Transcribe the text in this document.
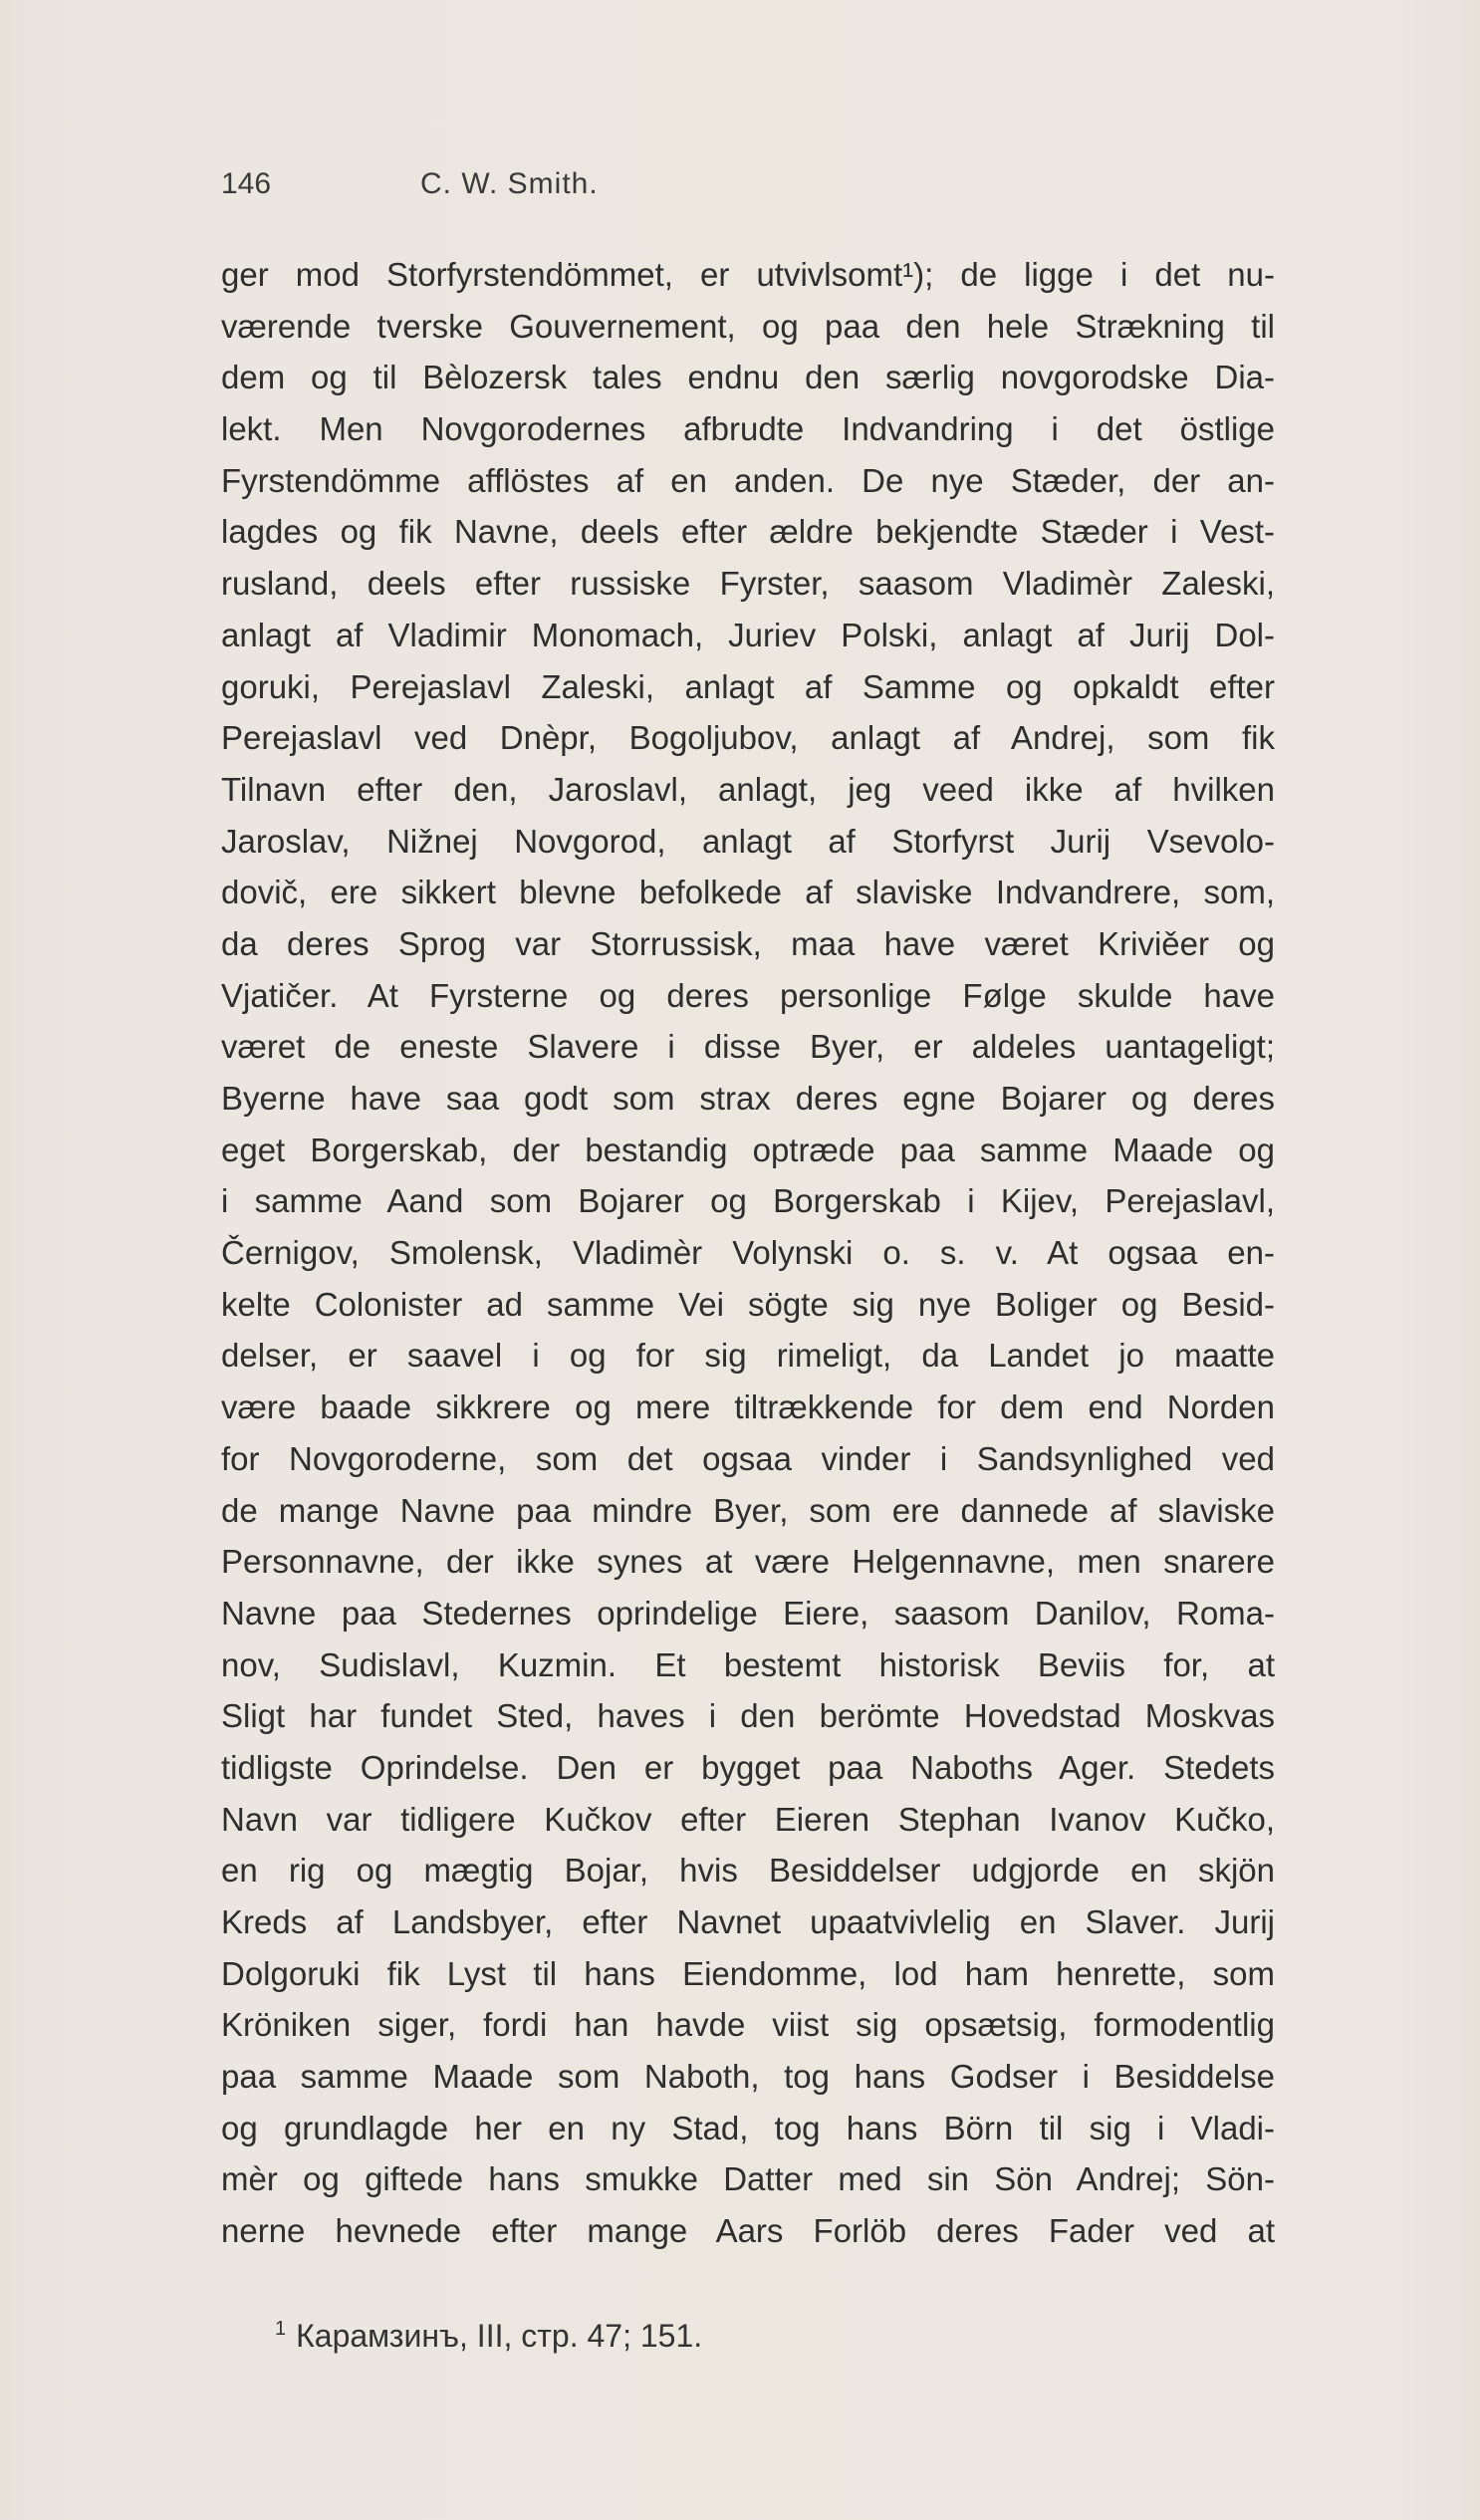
146	C. W. Smith.
ger mod Storfyrstendömmet, er utvivlsomt¹); de ligge i det nu-
værende tverske Gouvernement, og paa den hele Strækning til
dem og til Bèlozersk tales endnu den særlig novgorodske Dia-
lekt. Men Novgorodernes afbrudte Indvandring i det östlige
Fyrstendömme afflöstes af en anden. De nye Stæder, der an-
lagdes og fik Navne, deels efter ældre bekjendte Stæder i Vest-
rusland, deels efter russiske Fyrster, saasom Vladimèr Zaleski,
anlagt af Vladimir Monomach, Juriev Polski, anlagt af Jurij Dol-
goruki, Perejaslavl Zaleski, anlagt af Samme og opkaldt efter
Perejaslavl ved Dnèpr, Bogoljubov, anlagt af Andrej, som fik
Tilnavn efter den, Jaroslavl, anlagt, jeg veed ikke af hvilken
Jaroslav, Nižnej Novgorod, anlagt af Storfyrst Jurij Vsevolo-
dovič, ere sikkert blevne befolkede af slaviske Indvandrere, som,
da deres Sprog var Storrussisk, maa have været Kriviěer og
Vjatičer. At Fyrsterne og deres personlige Følge skulde have
været de eneste Slavere i disse Byer, er aldeles uantageligt;
Byerne have saa godt som strax deres egne Bojarer og deres
eget Borgerskab, der bestandig optræde paa samme Maade og
i samme Aand som Bojarer og Borgerskab i Kijev, Perejaslavl,
Černigov, Smolensk, Vladimèr Volynski o. s. v. At ogsaa en-
kelte Colonister ad samme Vei sögte sig nye Boliger og Besid-
delser, er saavel i og for sig rimeligt, da Landet jo maatte
være baade sikkrere og mere tiltrækkende for dem end Norden
for Novgoroderne, som det ogsaa vinder i Sandsynlighed ved
de mange Navne paa mindre Byer, som ere dannede af slaviske
Personnavne, der ikke synes at være Helgennavne, men snarere
Navne paa Stedernes oprindelige Eiere, saasom Danilov, Roma-
nov, Sudislavl, Kuzmin. Et bestemt historisk Beviis for, at
Sligt har fundet Sted, haves i den berömte Hovedstad Moskvas
tidligste Oprindelse. Den er bygget paa Naboths Ager. Stedets
Navn var tidligere Kučkov efter Eieren Stephan Ivanov Kučko,
en rig og mægtig Bojar, hvis Besiddelser udgjorde en skjön
Kreds af Landsbyer, efter Navnet upaatvivlelig en Slaver. Jurij
Dolgoruki fik Lyst til hans Eiendomme, lod ham henrette, som
Kröniken siger, fordi han havde viist sig opsætsig, formodentlig
paa samme Maade som Naboth, tog hans Godser i Besiddelse
og grundlagde her en ny Stad, tog hans Börn til sig i Vladi-
mèr og giftede hans smukke Datter med sin Sön Andrej; Sön-
nerne hevnede efter mange Aars Forlöb deres Fader ved at
$^1$ Карамзинъ, III, стр. 47; 151.
